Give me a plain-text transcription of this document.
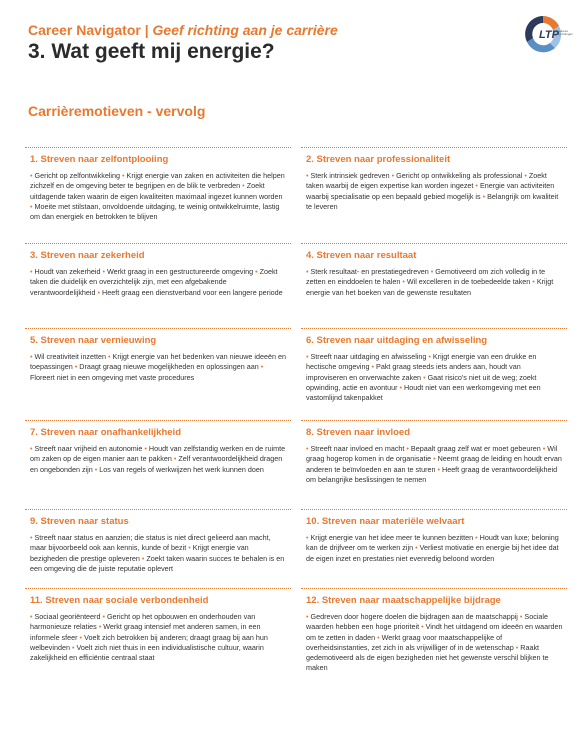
Career Navigator | Geef richting aan je carrière
3. Wat geeft mij energie?
LTP
business psychologen
Carrièremotieven - vervolg
1. Streven naar zelfontplooiing
• Gericht op zelfontwikkeling • Krijgt energie van zaken en activiteiten die helpen zichzelf en de omgeving beter te begrijpen en de blik te verbreden • Zoekt uitdagende taken waarin de eigen kwaliteiten maximaal ingezet kunnen worden • Moeite met stilstaan, onvoldoende uitdaging, te weinig ontwikkelruimte, lastig om dan energiek en betrokken te blijven
2. Streven naar professionaliteit
• Sterk intrinsiek gedreven • Gericht op ontwikkeling als professional • Zoekt taken waarbij de eigen expertise kan worden ingezet • Energie van activiteiten waarbij specialisatie op een bepaald gebied mogelijk is • Belangrijk om kwaliteit te leveren
3. Streven naar zekerheid
• Houdt van zekerheid • Werkt graag in een gestructureerde omgeving • Zoekt taken die duidelijk en overzichtelijk zijn, met een afgebakende verantwoordelijkheid • Heeft graag een dienstverband voor een langere periode
4. Streven naar resultaat
• Sterk resultaat- en prestatiegedreven • Gemotiveerd om zich volledig in te zetten en einddoelen te halen • Wil excelleren in de toebedeelde taken • Krijgt energie van het boeken van de gewenste resultaten
5. Streven naar vernieuwing
• Wil creativiteit inzetten • Krijgt energie van het bedenken van nieuwe ideeën en toepassingen • Draagt graag nieuwe mogelijkheden en oplossingen aan • Floreert niet in een omgeving met vaste procedures
6. Streven naar uitdaging en afwisseling
• Streeft naar uitdaging en afwisseling • Krijgt energie van een drukke en hectische omgeving • Pakt graag steeds iets anders aan, houdt van improviseren en onverwachte zaken • Gaat risico's niet uit de weg; zoekt opwinding, actie en avontuur • Houdt niet van een werkomgeving met een vastomlijnd takenpakket
7. Streven naar onafhankelijkheid
• Streeft naar vrijheid en autonomie • Houdt van zelfstandig werken en de ruimte om zaken op de eigen manier aan te pakken • Zelf verantwoordelijkheid dragen en ongebonden zijn • Los van regels of werkwijzen het werk kunnen doen
8. Streven naar invloed
• Streeft naar invloed en macht • Bepaalt graag zelf wat er moet gebeuren • Wil graag hogerop komen in de organisatie • Neemt graag de leiding en houdt ervan anderen te beïnvloeden en aan te sturen • Heeft graag de verantwoordelijkheid om belangrijke beslissingen te nemen
9. Streven naar status
• Streeft naar status en aanzien; die status is niet direct gelieerd aan macht, maar bijvoorbeeld ook aan kennis, kunde of bezit • Krijgt energie van bezigheden die prestige opleveren • Zoekt taken waarin succes te behalen is en een omgeving die de juiste reputatie oplevert
10. Streven naar materiële welvaart
• Krijgt energie van het idee meer te kunnen bezitten • Houdt van luxe; beloning kan de drijfveer om te werken zijn • Verliest motivatie en energie bij het idee dat de eigen inzet en prestaties niet evenredig beloond worden
11. Streven naar sociale verbondenheid
• Sociaal georiënteerd • Gericht op het opbouwen en onderhouden van harmonieuze relaties • Werkt graag intensief met anderen samen, in een informele sfeer • Voelt zich betrokken bij anderen; draagt graag bij aan hun welbevinden • Voelt zich niet thuis in een individualistische cultuur, waarin zakelijkheid en efficiëntie centraal staat
12. Streven naar maatschappelijke bijdrage
• Gedreven door hogere doelen die bijdragen aan de maatschappij • Sociale waarden hebben een hoge prioriteit • Vindt het uitdagend om ideeën en waarden om te zetten in daden • Werkt graag voor maatschappelijke of overheidsinstanties, zet zich in als vrijwilliger of in de wetenschap • Raakt gedemotiveerd als de eigen bezigheden niet het gewenste verschil blijken te maken
